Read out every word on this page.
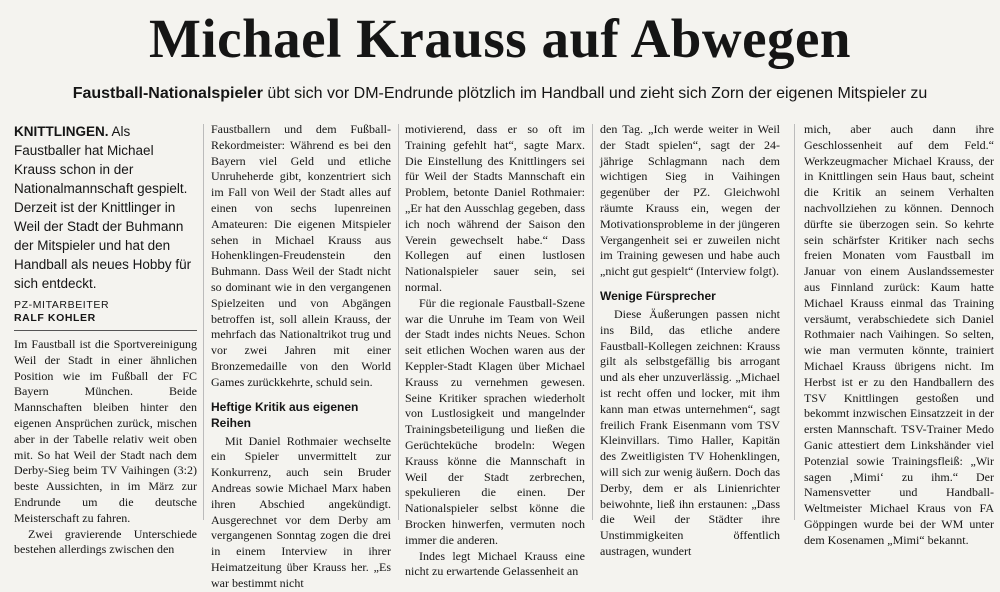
Michael Krauss auf Abwegen
Faustball-Nationalspieler übt sich vor DM-Endrunde plötzlich im Handball und zieht sich Zorn der eigenen Mitspieler zu

KNITTLINGEN. Als Faustballer hat Michael Krauss schon in der Nationalmannschaft gespielt. Derzeit ist der Knittlinger in Weil der Stadt der Buhmann der Mitspieler und hat den Handball als neues Hobby für sich entdeckt.

PZ-MITARBEITER
RALF KOHLER

Im Faustball ist die Sportvereinigung Weil der Stadt in einer ähnlichen Position wie im Fußball der FC Bayern München. Beide Mannschaften bleiben hinter den eigenen Ansprüchen zurück, mischen aber in der Tabelle relativ weit oben mit. So hat Weil der Stadt nach dem Derby-Sieg beim TV Vaihingen (3:2) beste Aussichten, in im März zur Endrunde um die deutsche Meisterschaft zu fahren.

Zwei gravierende Unterschiede bestehen allerdings zwischen den

Faustballern und dem Fußball-Rekordmeister: Während es bei den Bayern viel Geld und etliche Unruheherde gibt, konzentriert sich im Fall von Weil der Stadt alles auf einen von sechs lupenreinen Amateuren: Die eigenen Mitspieler sehen in Michael Krauss aus Hohenklingen-Freudenstein den Buhmann. Dass Weil der Stadt nicht so dominant wie in den vergangenen Spielzeiten und von Abgängen betroffen ist, soll allein Krauss, der mehrfach das Nationaltrikot trug und vor zwei Jahren mit einer Bronzemedaille von den World Games zurückkehrte, schuld sein.

Heftige Kritik aus eigenen Reihen

Mit Daniel Rothmaier wechselte ein Spieler unvermittelt zur Konkurrenz, auch sein Bruder Andreas sowie Michael Marx haben ihren Abschied angekündigt. Ausgerechnet vor dem Derby am vergangenen Sonntag zogen die drei in einem Interview in ihrer Heimatzeitung über Krauss her. „Es war bestimmt nicht

motivierend, dass er so oft im Training gefehlt hat“, sagte Marx. Die Einstellung des Knittlingers sei für Weil der Stadts Mannschaft ein Problem, betonte Daniel Rothmaier: „Er hat den Ausschlag gegeben, dass ich noch während der Saison den Verein gewechselt habe.“ Dass Kollegen auf einen lustlosen Nationalspieler sauer sein, sei normal.

Für die regionale Faustball-Szene war die Unruhe im Team von Weil der Stadt indes nichts Neues. Schon seit etlichen Wochen waren aus der Keppler-Stadt Klagen über Michael Krauss zu vernehmen gewesen. Seine Kritiker sprachen wiederholt von Lustlosigkeit und mangelnder Trainingsbeteiligung und ließen die Gerüchteküche brodeln: Wegen Krauss könne die Mannschaft in Weil der Stadt zerbrechen, spekulieren die einen. Der Nationalspieler selbst könne die Brocken hinwerfen, vermuten noch immer die anderen.

Indes legt Michael Krauss eine nicht zu erwartende Gelassenheit an

den Tag. „Ich werde weiter in Weil der Stadt spielen“, sagt der 24-jährige Schlagmann nach dem wichtigen Sieg in Vaihingen gegenüber der PZ. Gleichwohl räumte Krauss ein, wegen der Motivationsprobleme in der jüngeren Vergangenheit sei er zuweilen nicht im Training gewesen und habe auch „nicht gut gespielt“ (Interview folgt).

Wenige Fürsprecher

Diese Äußerungen passen nicht ins Bild, das etliche andere Faustball-Kollegen zeichnen: Krauss gilt als selbstgefällig bis arrogant und als eher unzuverlässig. „Michael ist recht offen und locker, mit ihm kann man etwas unternehmen“, sagt freilich Frank Eisenmann vom TSV Kleinvillars. Timo Haller, Kapitän des Zweitligisten TV Hohenklingen, will sich zur wenig äußern. Doch das Derby, dem er als Linienrichter beiwohnte, ließ ihn erstaunen: „Dass die Weil der Städter ihre Unstimmigkeiten öffentlich austragen, wundert

mich, aber auch dann ihre Geschlossenheit auf dem Feld.“ Werkzeugmacher Michael Krauss, der in Knittlingen sein Haus baut, scheint die Kritik an seinem Verhalten nachvollziehen zu können. Dennoch dürfte sie überzogen sein. So kehrte sein schärfster Kritiker nach sechs freien Monaten vom Faustball im Januar von einem Auslandssemester aus Finnland zurück: Kaum hatte Michael Krauss einmal das Training versäumt, verabschiedete sich Daniel Rothmaier nach Vaihingen. So selten, wie man vermuten könnte, trainiert Michael Krauss übrigens nicht. Im Herbst ist er zu den Handballern des TSV Knittlingen gestoßen und bekommt inzwischen Einsatzzeit in der ersten Mannschaft. TSV-Trainer Medo Ganic attestiert dem Linkshänder viel Potenzial sowie Trainingsfleiß: „Wir sagen ‚Mimi‘ zu ihm.“ Der Namensvetter und Handball-Weltmeister Michael Kraus von FA Göppingen wurde bei der WM unter dem Kosenamen „Mimi“ bekannt.
